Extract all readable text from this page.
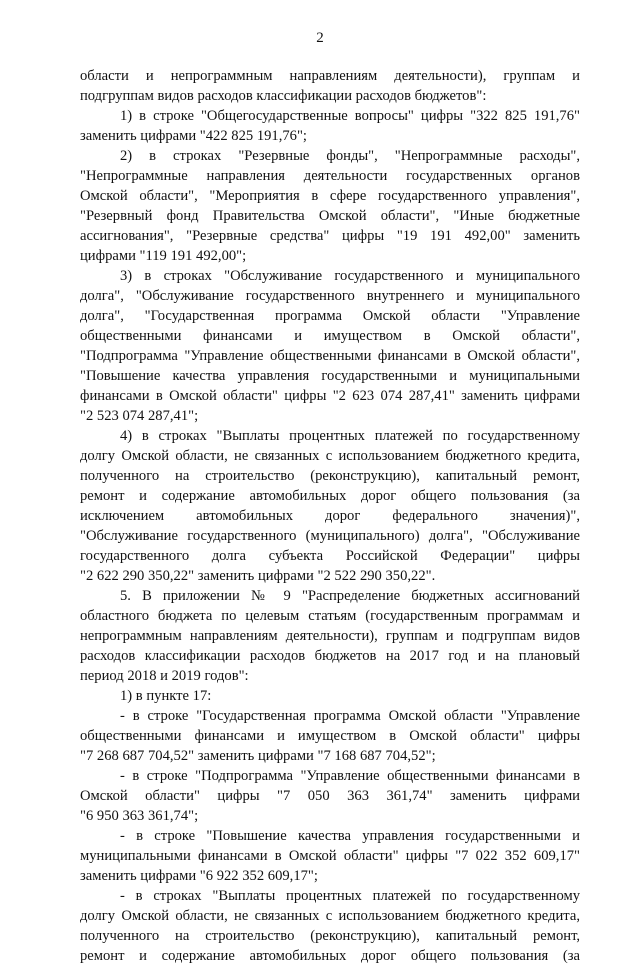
2
области и непрограммным направлениям деятельности), группам и
подгруппам видов расходов классификации расходов бюджетов":
1) в строке "Общегосударственные вопросы" цифры "322 825 191,76"
заменить цифрами "422 825 191,76";
2) в строках "Резервные фонды", "Непрограммные расходы",
"Непрограммные направления деятельности государственных органов
Омской области", "Мероприятия в сфере государственного управления",
"Резервный фонд Правительства Омской области", "Иные бюджетные
ассигнования", "Резервные средства" цифры "19 191 492,00" заменить
цифрами "119 191 492,00";
3) в строках "Обслуживание государственного и муниципального
долга", "Обслуживание государственного внутреннего и муниципального
долга", "Государственная программа Омской области "Управление
общественными финансами и имуществом в Омской области",
"Подпрограмма "Управление общественными финансами в Омской области",
"Повышение качества управления государственными и муниципальными
финансами в Омской области" цифры "2 623 074 287,41" заменить цифрами
"2 523 074 287,41";
4) в строках "Выплаты процентных платежей по государственному
долгу Омской области, не связанных с использованием бюджетного кредита,
полученного на строительство (реконструкцию), капитальный ремонт,
ремонт и содержание автомобильных дорог общего пользования (за
исключением автомобильных дорог федерального значения)",
"Обслуживание государственного (муниципального) долга", "Обслуживание
государственного долга субъекта Российской Федерации" цифры
"2 622 290 350,22" заменить цифрами "2 522 290 350,22".
5. В приложении № 9 "Распределение бюджетных ассигнований
областного бюджета по целевым статьям (государственным программам и
непрограммным направлениям деятельности), группам и подгруппам видов
расходов классификации расходов бюджетов на 2017 год и на плановый
период 2018 и 2019 годов":
1) в пункте 17:
- в строке "Государственная программа Омской области "Управление
общественными финансами и имуществом в Омской области" цифры
"7 268 687 704,52" заменить цифрами "7 168 687 704,52";
- в строке "Подпрограмма "Управление общественными финансами в
Омской области" цифры "7 050 363 361,74" заменить цифрами
"6 950 363 361,74";
- в строке "Повышение качества управления государственными и
муниципальными финансами в Омской области" цифры "7 022 352 609,17"
заменить цифрами "6 922 352 609,17";
- в строках "Выплаты процентных платежей по государственному
долгу Омской области, не связанных с использованием бюджетного кредита,
полученного на строительство (реконструкцию), капитальный ремонт,
ремонт и содержание автомобильных дорог общего пользования (за
